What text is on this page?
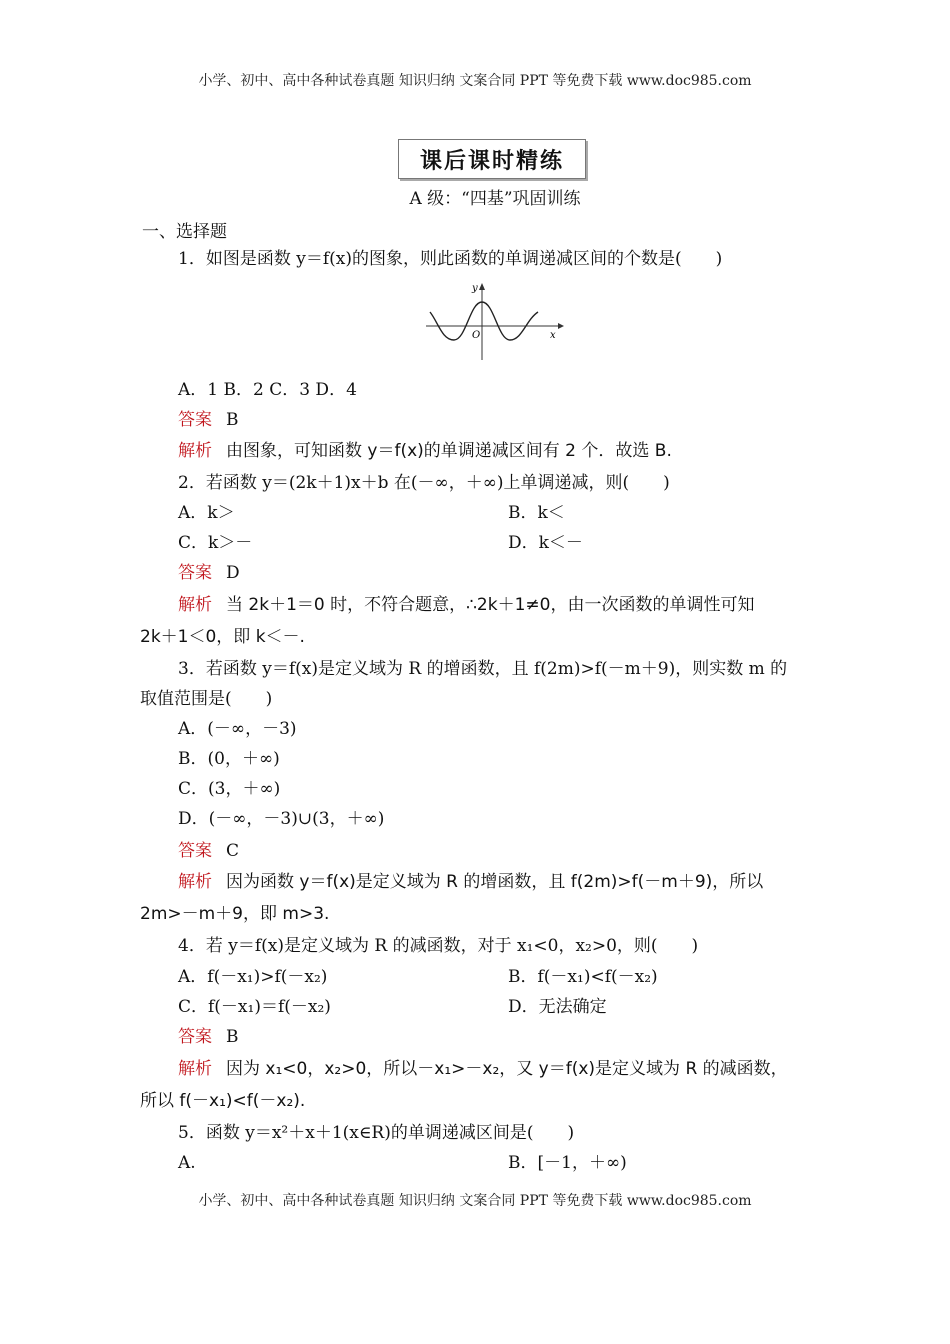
小学、初中、高中各种试卷真题 知识归纳 文案合同 PPT 等免费下载 www.doc985.com
课后课时精练
A 级：“四基”巩固训练
一、选择题
1．如图是函数 y＝f(x)的图象，则此函数的单调递减区间的个数是(　　)
y
x
O
A．1 B．2 C．3 D．4
答案 B
解析 由图象，可知函数 y＝f(x)的单调递减区间有 2 个．故选 B.
2．若函数 y＝(2k＋1)x＋b 在(－∞，＋∞)上单调递减，则(　　)
A．k＞	B．k＜
C．k＞－	D．k＜－
答案 D
解析 当 2k＋1＝0 时，不符合题意，∴2k＋1≠0，由一次函数的单调性可知
2k＋1＜0，即 k＜－.
3．若函数 y＝f(x)是定义域为 R 的增函数，且 f(2m)>f(－m＋9)，则实数 m 的
取值范围是(　　)
A．(－∞，－3)
B．(0，＋∞)
C．(3，＋∞)
D．(－∞，－3)∪(3，＋∞)
答案 C
解析 因为函数 y＝f(x)是定义域为 R 的增函数，且 f(2m)>f(－m＋9)，所以
2m>－m＋9，即 m>3.
4．若 y＝f(x)是定义域为 R 的减函数，对于 x₁<0，x₂>0，则(　　)
A．f(－x₁)>f(－x₂)	B．f(－x₁)<f(－x₂)
C．f(－x₁)＝f(－x₂)	D．无法确定
答案 B
解析 因为 x₁<0，x₂>0，所以－x₁>－x₂，又 y＝f(x)是定义域为 R 的减函数，
所以 f(－x₁)<f(－x₂).
5．函数 y＝x²＋x＋1(x∈R)的单调递减区间是(　　)
A.	B．[－1，＋∞)
小学、初中、高中各种试卷真题 知识归纳 文案合同 PPT 等免费下载 www.doc985.com
